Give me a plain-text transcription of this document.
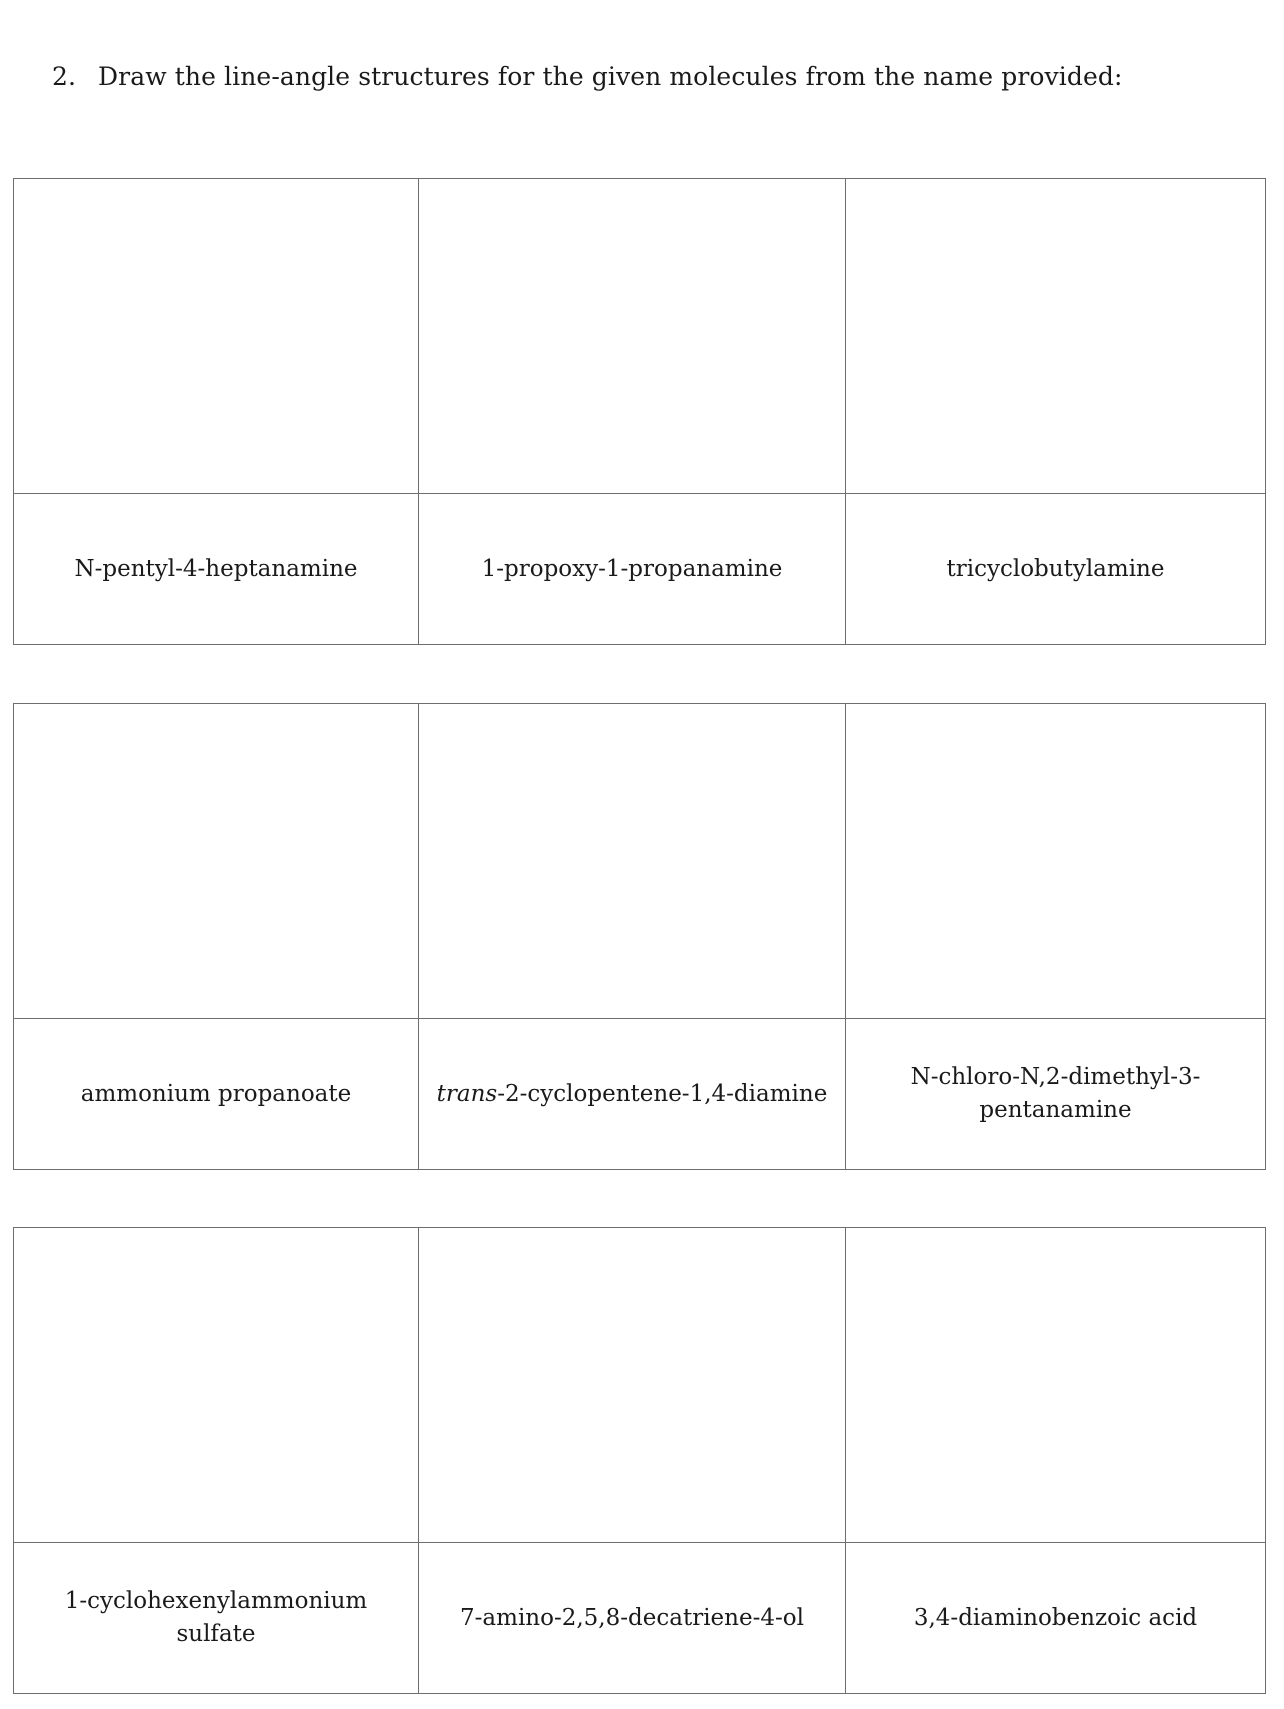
2. Draw the line-angle structures for the given molecules from the name provided:

N-pentyl-4-heptanamine	1-propoxy-1-propanamine	tricyclobutylamine

ammonium propanoate	trans-2-cyclopentene-1,4-diamine	N-chloro-N,2-dimethyl-3-
pentanamine

1-cyclohexenylammonium
sulfate	7-amino-2,5,8-decatriene-4-ol	3,4-diaminobenzoic acid
